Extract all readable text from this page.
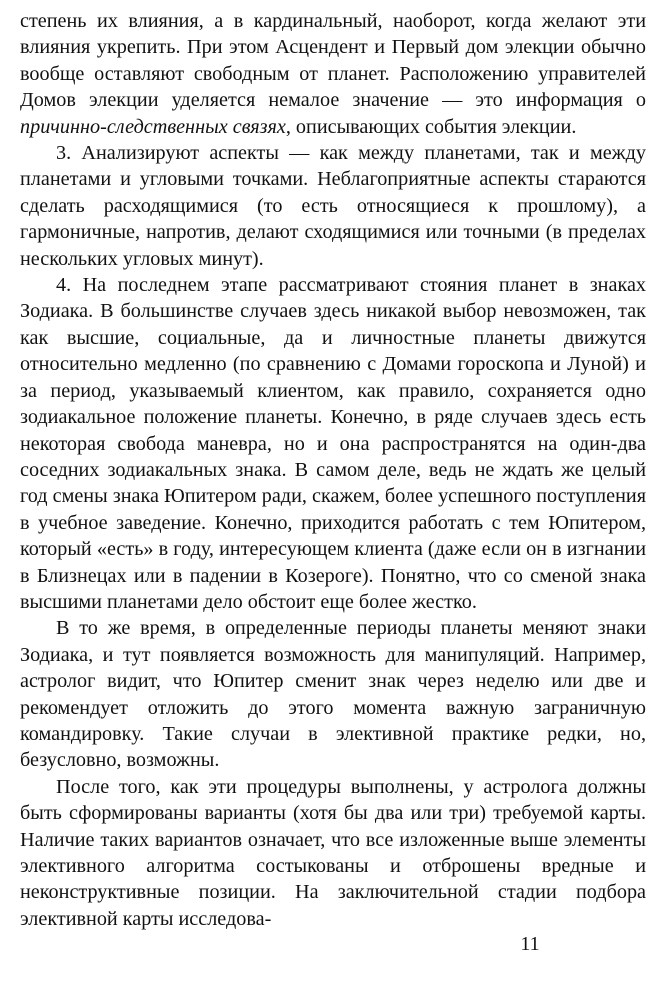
степень их влияния, а в кардинальный, наоборот, когда желают эти влияния укрепить. При этом Асцендент и Первый дом элекции обычно вообще оставляют свободным от планет. Расположению управителей Домов элекции уделяется немалое значение — это информация о причинно-следственных связях, описывающих события элекции.

3. Анализируют аспекты — как между планетами, так и между планетами и угловыми точками. Неблагоприятные аспекты стараются сделать расходящимися (то есть относящиеся к прошлому), а гармоничные, напротив, делают сходящимися или точными (в пределах нескольких угловых минут).

4. На последнем этапе рассматривают стояния планет в знаках Зодиака. В большинстве случаев здесь никакой выбор невозможен, так как высшие, социальные, да и личностные планеты движутся относительно медленно (по сравнению с Домами гороскопа и Луной) и за период, указываемый клиентом, как правило, сохраняется одно зодиакальное положение планеты. Конечно, в ряде случаев здесь есть некоторая свобода маневра, но и она распространятся на один-два соседних зодиакальных знака. В самом деле, ведь не ждать же целый год смены знака Юпитером ради, скажем, более успешного поступления в учебное заведение. Конечно, приходится работать с тем Юпитером, который «есть» в году, интересующем клиента (даже если он в изгнании в Близнецах или в падении в Козероге). Понятно, что со сменой знака высшими планетами дело обстоит еще более жестко.

В то же время, в определенные периоды планеты меняют знаки Зодиака, и тут появляется возможность для манипуляций. Например, астролог видит, что Юпитер сменит знак через неделю или две и рекомендует отложить до этого момента важную заграничную командировку. Такие случаи в элективной практике редки, но, безусловно, возможны.

После того, как эти процедуры выполнены, у астролога должны быть сформированы варианты (хотя бы два или три) требуемой карты. Наличие таких вариантов означает, что все изложенные выше элементы элективного алгоритма состыкованы и отброшены вредные и неконструктивные позиции. На заключительной стадии подбора элективной карты исследова-

11
